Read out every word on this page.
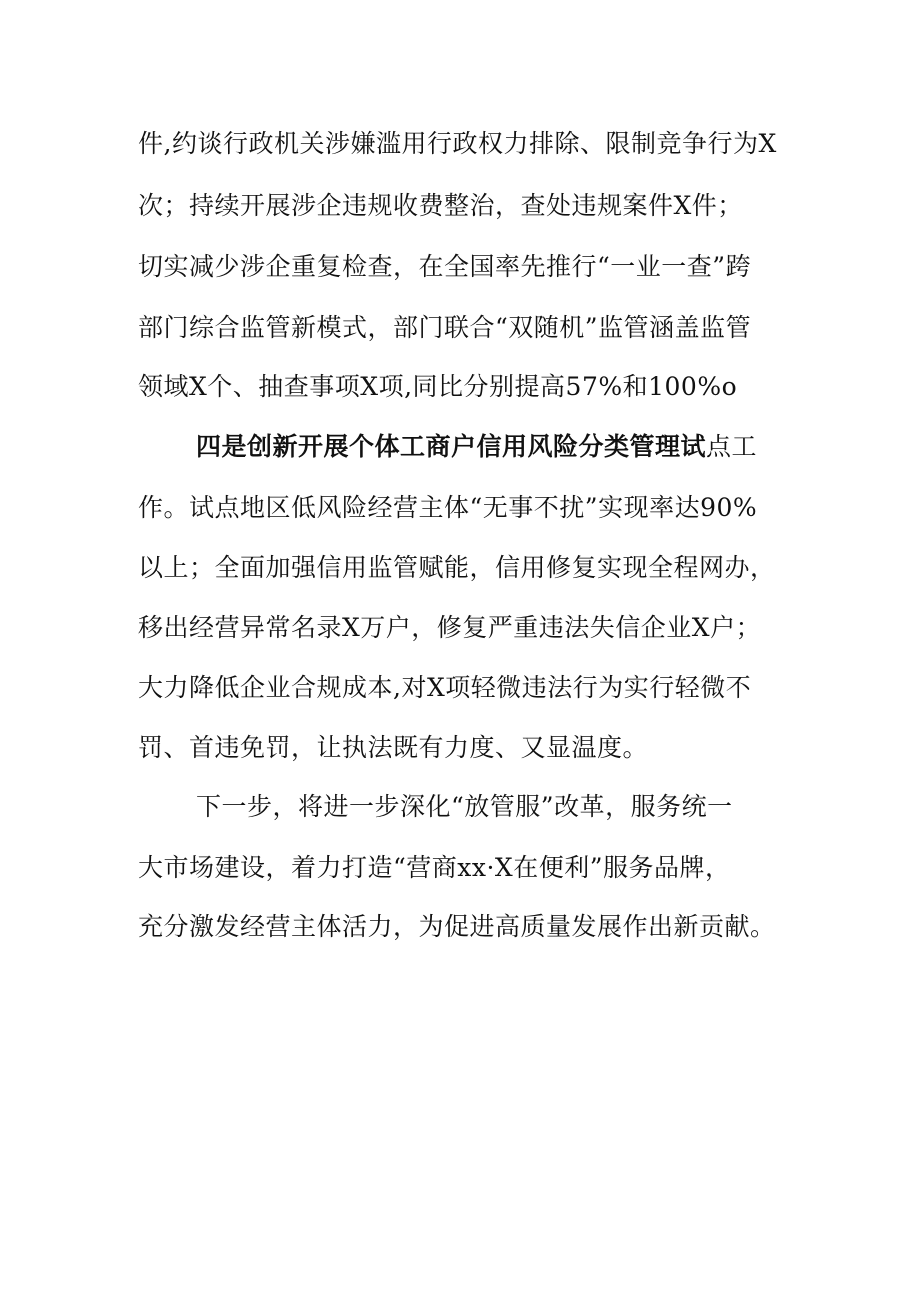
件,约谈行政机关涉嫌滥用行政权力排除、限制竞争行为X
次；持续开展涉企违规收费整治，查处违规案件X件；
切实减少涉企重复检查，在全国率先推行“一业一查”跨
部门综合监管新模式，部门联合“双随机”监管涵盖监管
领域X个、抽查事项X项,同比分别提高57%和100%o
四是创新开展个体工商户信用风险分类管理试点工
作。试点地区低风险经营主体“无事不扰”实现率达90%
以上；全面加强信用监管赋能，信用修复实现全程网办，
移出经营异常名录X万户，修复严重违法失信企业X户；
大力降低企业合规成本,对X项轻微违法行为实行轻微不
罚、首违免罚，让执法既有力度、又显温度。
下一步，将进一步深化“放管服”改革，服务统一
大市场建设，着力打造“营商xx·X在便利”服务品牌，
充分激发经营主体活力，为促进高质量发展作出新贡献。
